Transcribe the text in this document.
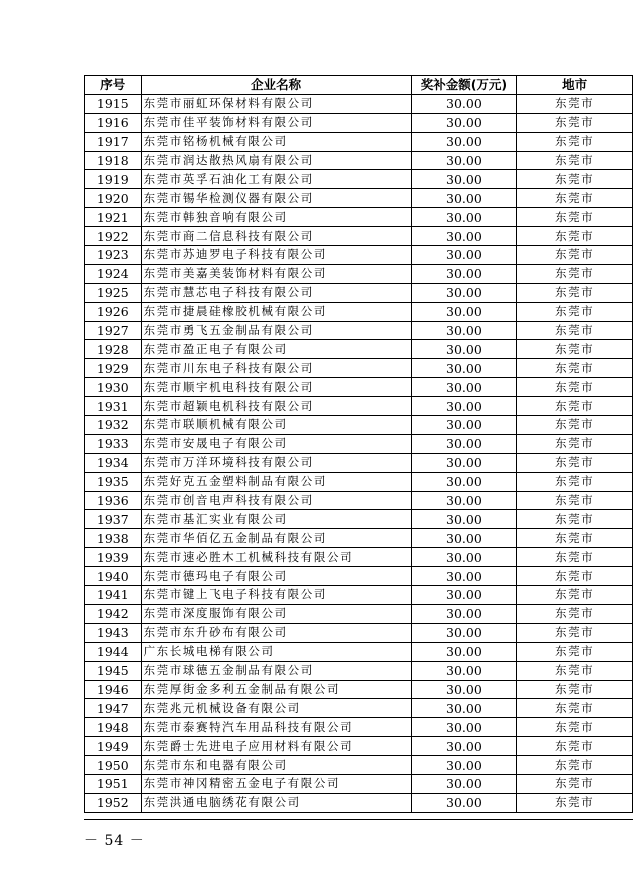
序号	企业名称	奖补金额(万元)	地市
1915	东莞市丽虹环保材料有限公司	30.00	东莞市
1916	东莞市佳平装饰材料有限公司	30.00	东莞市
1917	东莞市铭杨机械有限公司	30.00	东莞市
1918	东莞市润达散热风扇有限公司	30.00	东莞市
1919	东莞市英孚石油化工有限公司	30.00	东莞市
1920	东莞市锡华检测仪器有限公司	30.00	东莞市
1921	东莞市韩独音响有限公司	30.00	东莞市
1922	东莞市商二信息科技有限公司	30.00	东莞市
1923	东莞市苏迪罗电子科技有限公司	30.00	东莞市
1924	东莞市美嘉美装饰材料有限公司	30.00	东莞市
1925	东莞市慧芯电子科技有限公司	30.00	东莞市
1926	东莞市捷晨硅橡胶机械有限公司	30.00	东莞市
1927	东莞市勇飞五金制品有限公司	30.00	东莞市
1928	东莞市盈正电子有限公司	30.00	东莞市
1929	东莞市川东电子科技有限公司	30.00	东莞市
1930	东莞市顺宇机电科技有限公司	30.00	东莞市
1931	东莞市超颖电机科技有限公司	30.00	东莞市
1932	东莞市联顺机械有限公司	30.00	东莞市
1933	东莞市安晟电子有限公司	30.00	东莞市
1934	东莞市万洋环境科技有限公司	30.00	东莞市
1935	东莞好克五金塑料制品有限公司	30.00	东莞市
1936	东莞市创音电声科技有限公司	30.00	东莞市
1937	东莞市基汇实业有限公司	30.00	东莞市
1938	东莞市华佰亿五金制品有限公司	30.00	东莞市
1939	东莞市速必胜木工机械科技有限公司	30.00	东莞市
1940	东莞市德玛电子有限公司	30.00	东莞市
1941	东莞市键上飞电子科技有限公司	30.00	东莞市
1942	东莞市深度服饰有限公司	30.00	东莞市
1943	东莞市东升砂布有限公司	30.00	东莞市
1944	广东长城电梯有限公司	30.00	东莞市
1945	东莞市球德五金制品有限公司	30.00	东莞市
1946	东莞厚街金多利五金制品有限公司	30.00	东莞市
1947	东莞兆元机械设备有限公司	30.00	东莞市
1948	东莞市泰赛特汽车用品科技有限公司	30.00	东莞市
1949	东莞爵士先进电子应用材料有限公司	30.00	东莞市
1950	东莞市东和电器有限公司	30.00	东莞市
1951	东莞市神冈精密五金电子有限公司	30.00	东莞市
1952	东莞洪通电脑绣花有限公司	30.00	东莞市
－ 54 －
